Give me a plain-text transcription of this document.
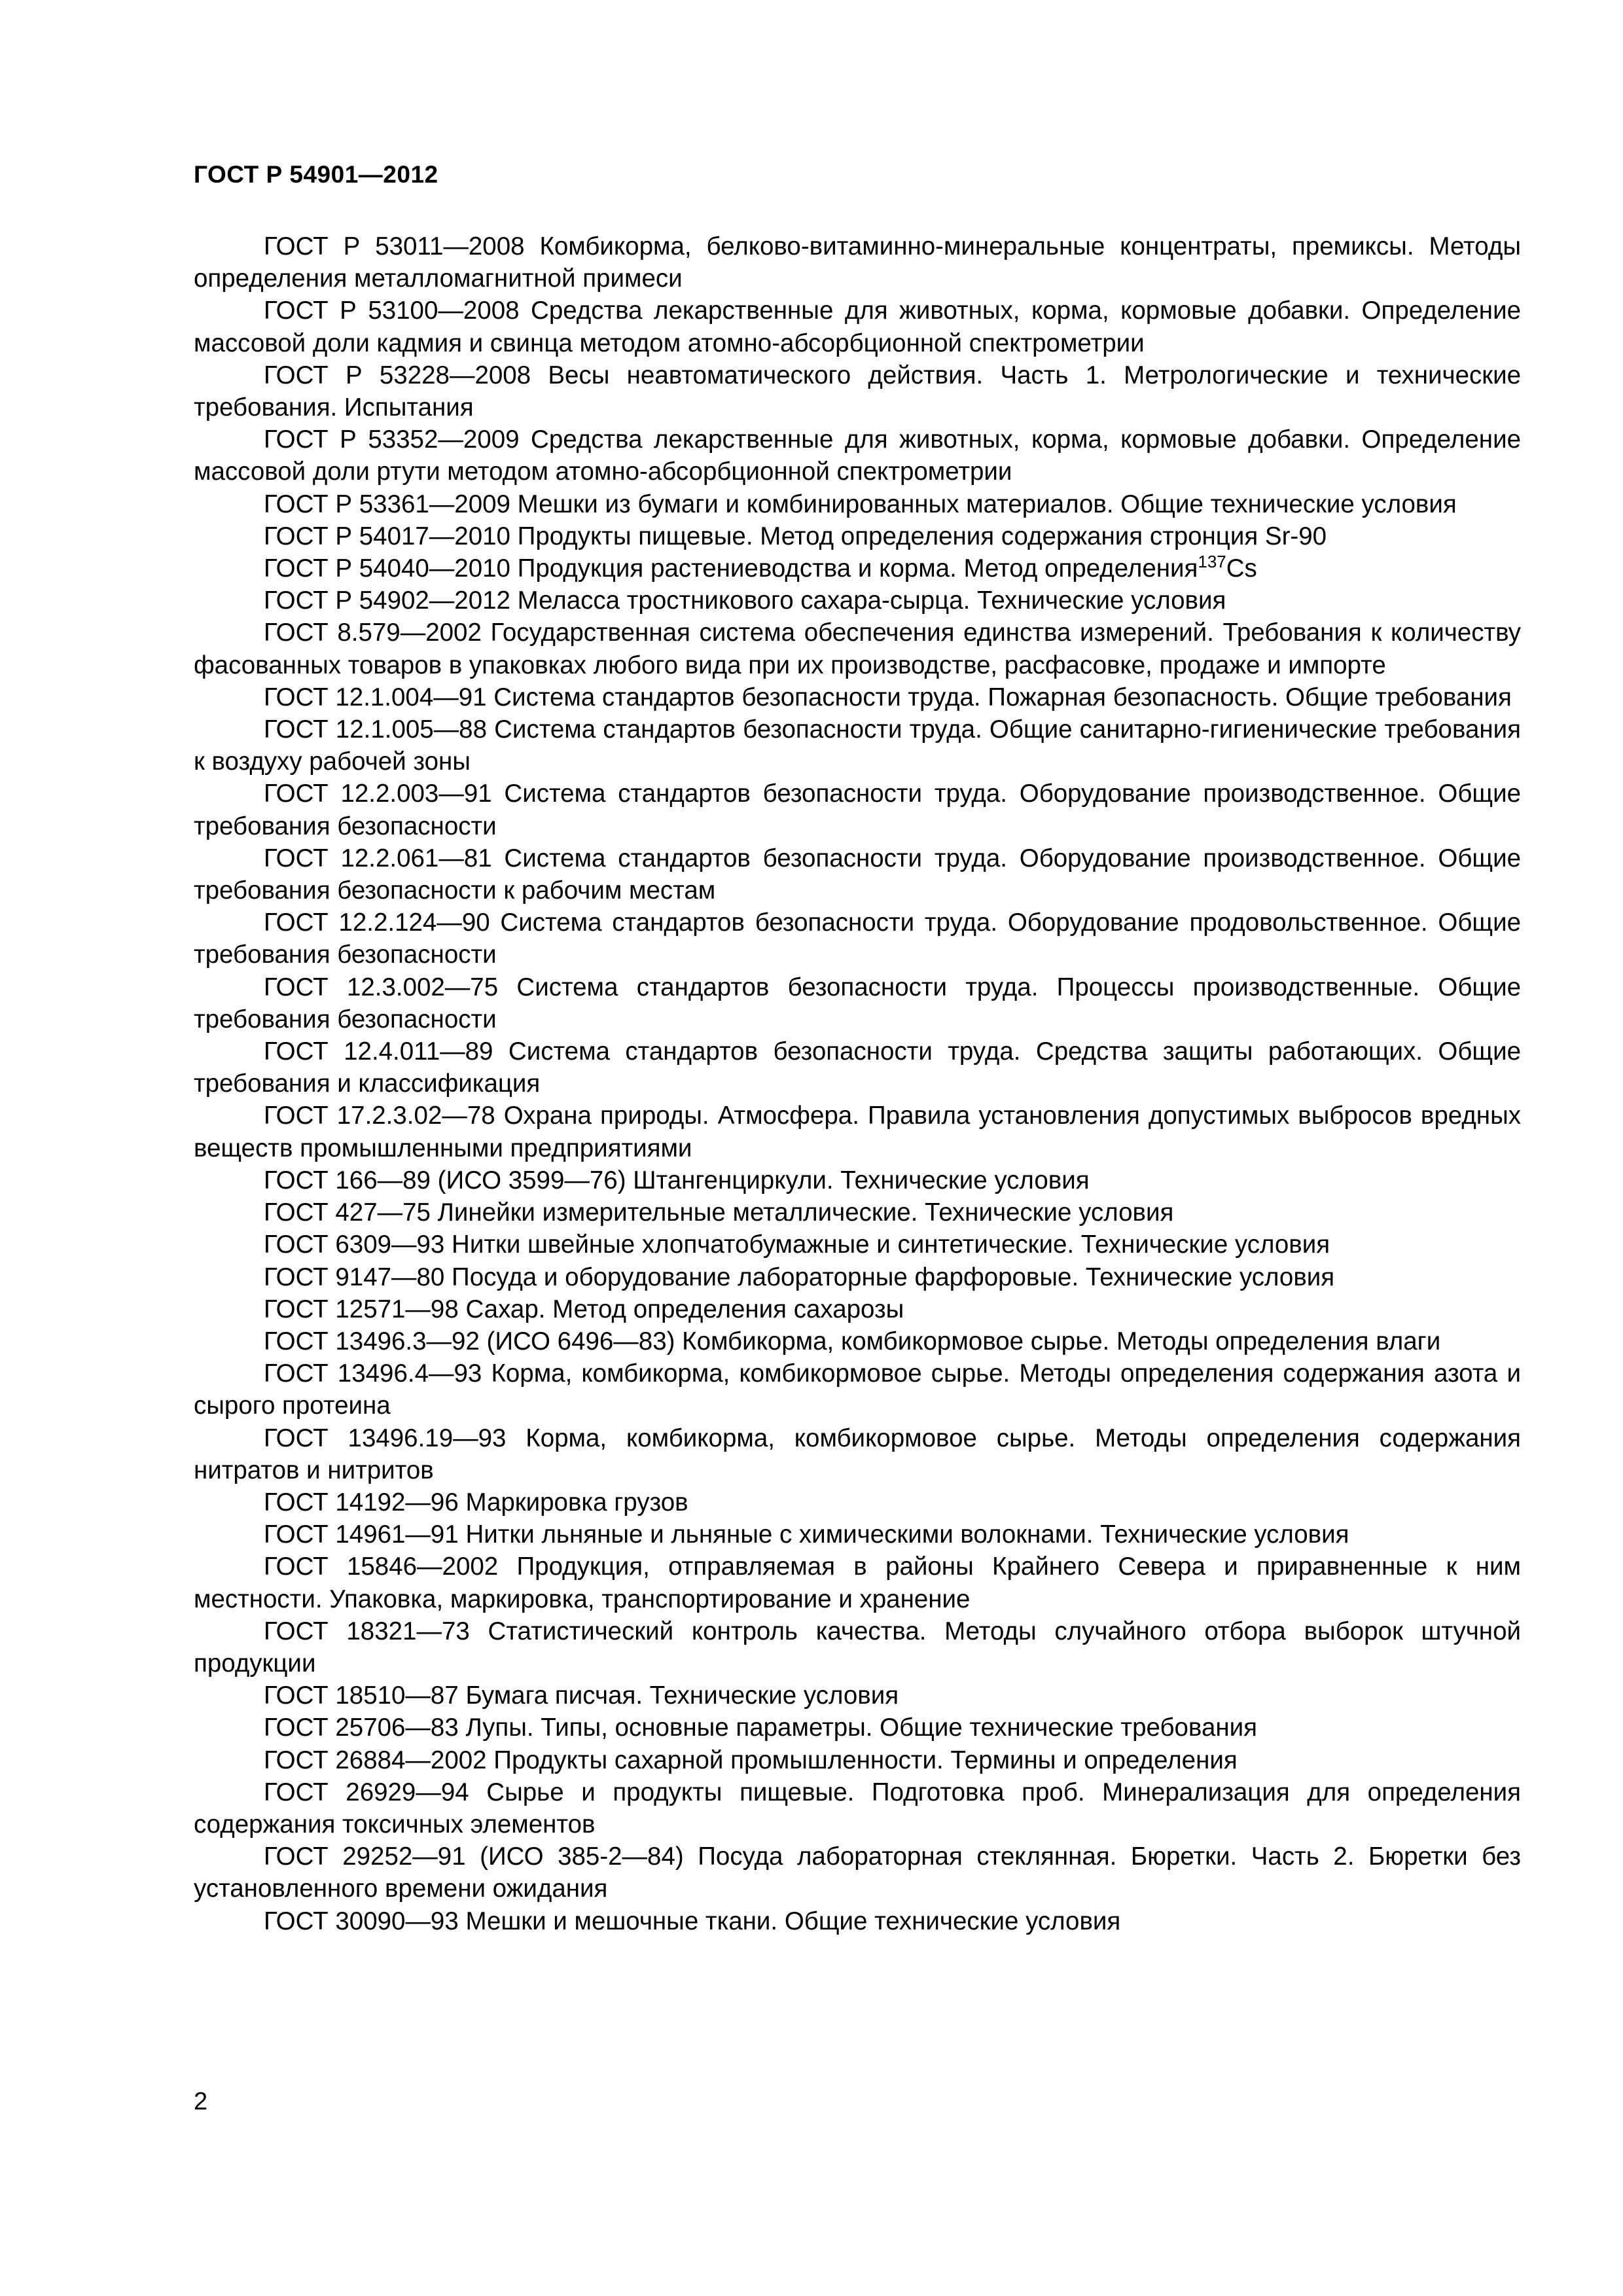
ГОСТ Р 54901—2012

ГОСТ Р 53011—2008 Комбикорма, белково-витаминно-минеральные концентраты, премиксы. Методы определения металломагнитной примеси

ГОСТ Р 53100—2008 Средства лекарственные для животных, корма, кормовые добавки. Определение массовой доли кадмия и свинца методом атомно-абсорбционной спектрометрии

ГОСТ Р 53228—2008 Весы неавтоматического действия. Часть 1. Метрологические и технические требования. Испытания

ГОСТ Р 53352—2009 Средства лекарственные для животных, корма, кормовые добавки. Определение массовой доли ртути методом атомно-абсорбционной спектрометрии

ГОСТ Р 53361—2009 Мешки из бумаги и комбинированных материалов. Общие технические условия

ГОСТ Р 54017—2010 Продукты пищевые. Метод определения содержания стронция Sr-90

ГОСТ Р 54040—2010 Продукция растениеводства и корма. Метод определения$^{137}$Cs

ГОСТ Р 54902—2012 Меласса тростникового сахара-сырца. Технические условия

ГОСТ 8.579—2002 Государственная система обеспечения единства измерений. Требования к количеству фасованных товаров в упаковках любого вида при их производстве, расфасовке, продаже и импорте

ГОСТ 12.1.004—91 Система стандартов безопасности труда. Пожарная безопасность. Общие требования

ГОСТ 12.1.005—88 Система стандартов безопасности труда. Общие санитарно-гигиенические требования к воздуху рабочей зоны

ГОСТ 12.2.003—91 Система стандартов безопасности труда. Оборудование производственное. Общие требования безопасности

ГОСТ 12.2.061—81 Система стандартов безопасности труда. Оборудование производственное. Общие требования безопасности к рабочим местам

ГОСТ 12.2.124—90 Система стандартов безопасности труда. Оборудование продовольственное. Общие требования безопасности

ГОСТ 12.3.002—75 Система стандартов безопасности труда. Процессы производственные. Общие требования безопасности

ГОСТ 12.4.011—89 Система стандартов безопасности труда. Средства защиты работающих. Общие требования и классификация

ГОСТ 17.2.3.02—78 Охрана природы. Атмосфера. Правила установления допустимых выбросов вредных веществ промышленными предприятиями

ГОСТ 166—89 (ИСО 3599—76) Штангенциркули. Технические условия

ГОСТ 427—75 Линейки измерительные металлические. Технические условия

ГОСТ 6309—93 Нитки швейные хлопчатобумажные и синтетические. Технические условия

ГОСТ 9147—80 Посуда и оборудование лабораторные фарфоровые. Технические условия

ГОСТ 12571—98 Сахар. Метод определения сахарозы

ГОСТ 13496.3—92 (ИСО 6496—83) Комбикорма, комбикормовое сырье. Методы определения влаги

ГОСТ 13496.4—93 Корма, комбикорма, комбикормовое сырье. Методы определения содержания азота и сырого протеина

ГОСТ 13496.19—93 Корма, комбикорма, комбикормовое сырье. Методы определения содержания нитратов и нитритов

ГОСТ 14192—96 Маркировка грузов

ГОСТ 14961—91 Нитки льняные и льняные с химическими волокнами. Технические условия

ГОСТ 15846—2002 Продукция, отправляемая в районы Крайнего Севера и приравненные к ним местности. Упаковка, маркировка, транспортирование и хранение

ГОСТ 18321—73 Статистический контроль качества. Методы случайного отбора выборок штучной продукции

ГОСТ 18510—87 Бумага писчая. Технические условия

ГОСТ 25706—83 Лупы. Типы, основные параметры. Общие технические требования

ГОСТ 26884—2002 Продукты сахарной промышленности. Термины и определения

ГОСТ 26929—94 Сырье и продукты пищевые. Подготовка проб. Минерализация для определения содержания токсичных элементов

ГОСТ 29252—91 (ИСО 385-2—84) Посуда лабораторная стеклянная. Бюретки. Часть 2. Бюретки без установленного времени ожидания

ГОСТ 30090—93 Мешки и мешочные ткани. Общие технические условия

2
